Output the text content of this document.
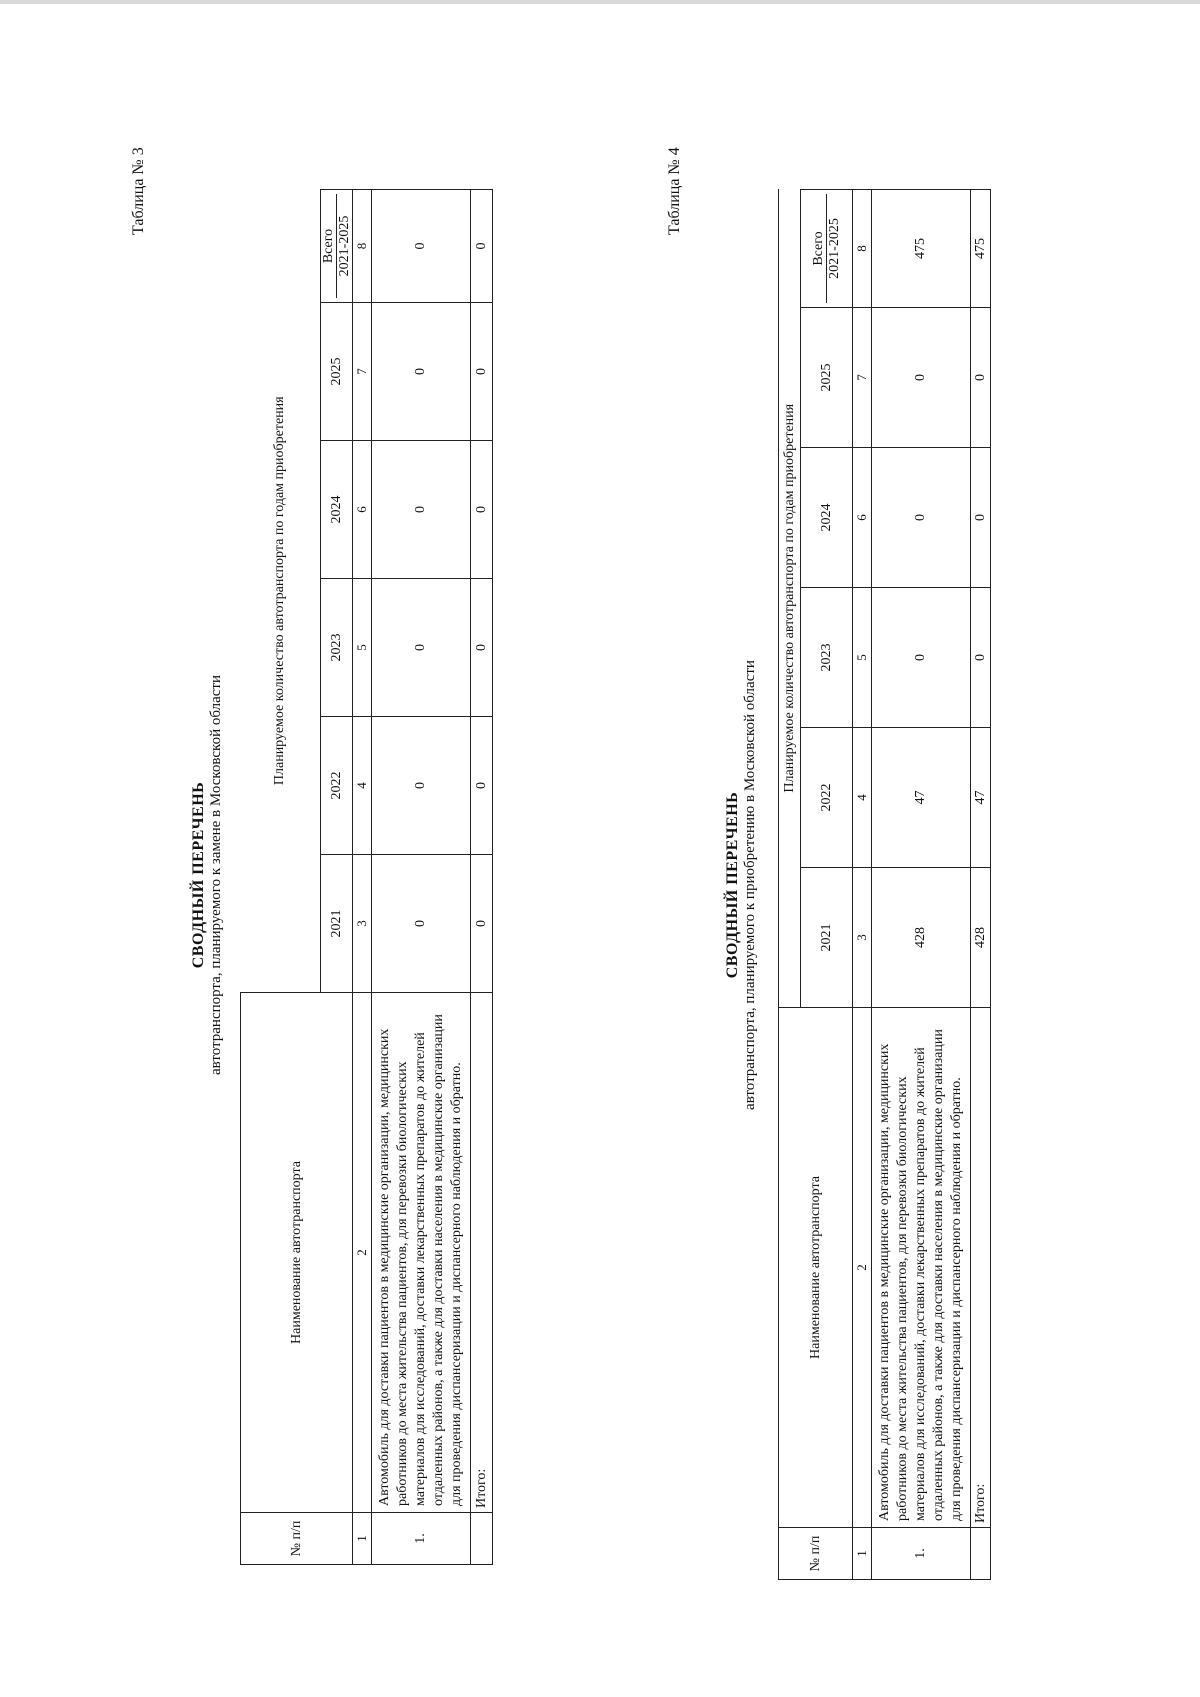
Таблица № 3
СВОДНЫЙ ПЕРЕЧЕНЬ автотранспорта, планируемого к замене в Московской области
№ п/п	Наименование автотранспорта	Планируемое количество автотранспорта по годам приобретения					
		2021	2022	2023	2024	2025	Всего 2021-2025

1	2	3	4	5	6	7	8
1.	Автомобиль для доставки пациентов в медицинские организации, медицинских работников до места жительства пациентов, для перевозки биологических материалов для исследований, доставки лекарственных препаратов до жителей отдаленных районов, а также для доставки населения в медицинские организации для проведения диспансеризации и диспансерного наблюдения и обратно.	0	0	0	0	0	0
	Итого:	0	0	0	0	0	0
Таблица № 4
СВОДНЫЙ ПЕРЕЧЕНЬ автотранспорта, планируемого к приобретению в Московской области
№ п/п	Наименование автотранспорта	Планируемое количество автотранспорта по годам приобретения					
		2021	2022	2023	2024	2025	Всего 2021-2025

1	2	3	4	5	6	7	8
1.	Автомобиль для доставки пациентов в медицинские организации, медицинских работников до места жительства пациентов, для перевозки биологических материалов для исследований, доставки лекарственных препаратов до жителей отдаленных районов, а также для доставки населения в медицинские организации для проведения диспансеризации и диспансерного наблюдения и обратно.	428	47	0	0	0	475
	Итого:	428	47	0	0	0	475
